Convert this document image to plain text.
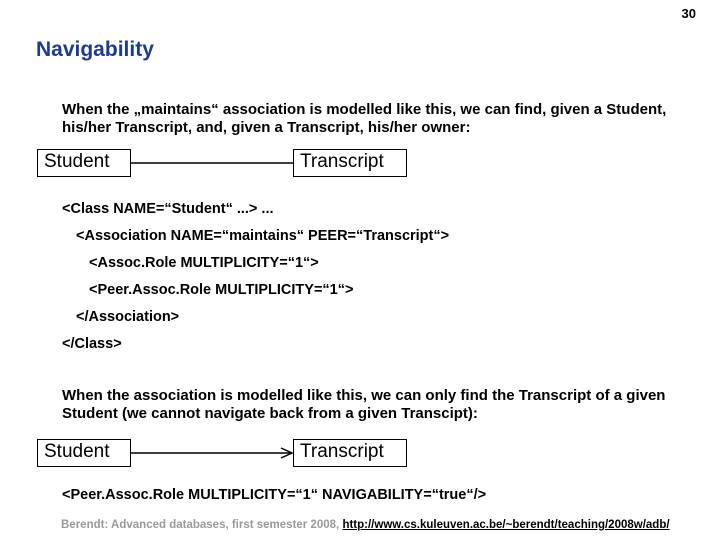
30
Navigability
When the „maintains“ association is modelled like this, we can find, given a Student, his/her Transcript, and, given a Transcript, his/her owner:
Student	Transcript
<Class NAME=“Student“ ...> ...
<Association NAME=“maintains“ PEER=“Transcript“>
<Assoc.Role MULTIPLICITY=“1“>
<Peer.Assoc.Role MULTIPLICITY=“1“>
</Association>
</Class>
When the association is modelled like this, we can only find the Transcript of a given Student (we cannot navigate back from a given Transcipt):
Student	Transcript
<Peer.Assoc.Role MULTIPLICITY=“1“ NAVIGABILITY=“true“/>
Berendt: Advanced databases, first semester 2008, http://www.cs.kuleuven.ac.be/~berendt/teaching/2008w/adb/
